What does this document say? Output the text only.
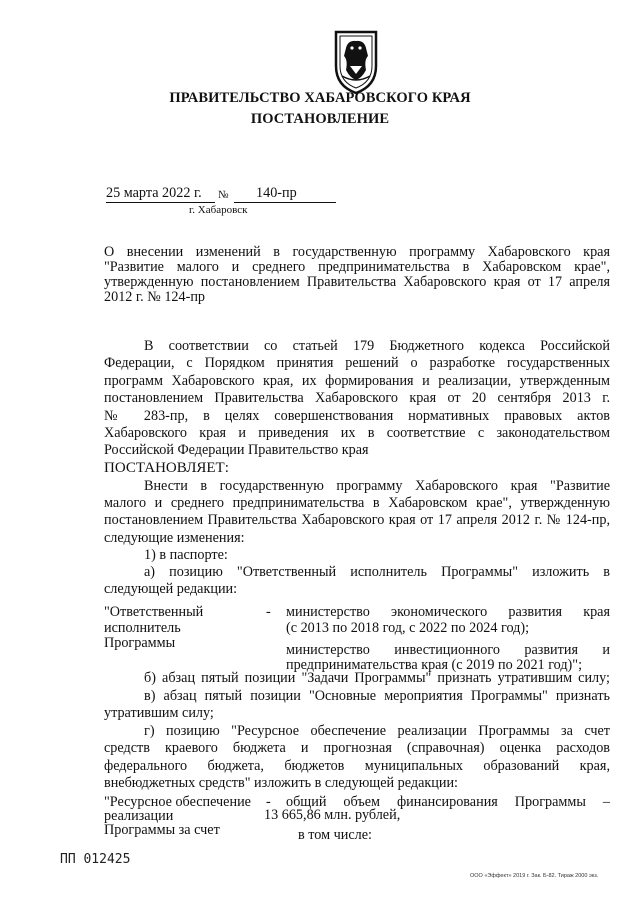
ПРАВИТЕЛЬСТВО ХАБАРОВСКОГО КРАЯ
ПОСТАНОВЛЕНИЕ
25 марта 2022 г.	№	140-пр
г. Хабаровск
О внесении изменений в государственную программу Хабаровского края
"Развитие малого и среднего предпринимательства в Хабаровском крае",
утвержденную постановлением Правительства Хабаровского края от 17 апреля
2012 г. № 124-пр
В соответствии со статьей 179 Бюджетного кодекса Российской
Федерации, с Порядком принятия решений о разработке государственных
программ Хабаровского края, их формирования и реализации, утвержденным
постановлением Правительства Хабаровского края от 20 сентября 2013 г.
№ 283-пр, в целях совершенствования нормативных правовых актов
Хабаровского края и приведения их в соответствие с законодательством
Российской Федерации Правительство края
ПОСТАНОВЛЯЕТ:
Внести в государственную программу Хабаровского края "Развитие
малого и среднего предпринимательства в Хабаровском крае", утвержденную
постановлением Правительства Хабаровского края от 17 апреля 2012 г. № 124-пр,
следующие изменения:
1) в паспорте:
а) позицию "Ответственный исполнитель Программы" изложить в
следующей редакции:
"Ответственный
исполнитель
Программы
- министерство экономического развития края
(с 2013 по 2018 год, с 2022 по 2024 год);
министерство инвестиционного развития и
предпринимательства края (с 2019 по 2021 год)";
б) абзац пятый позиции "Задачи Программы" признать утратившим силу;
в) абзац пятый позиции "Основные мероприятия Программы" признать
утратившим силу;
г) позицию "Ресурсное обеспечение реализации Программы за счет
средств краевого бюджета и прогнозная (справочная) оценка расходов
федерального бюджета, бюджетов муниципальных образований края,
внебюджетных средств" изложить в следующей редакции:
"Ресурсное обеспечение
реализации
Программы за счет
- общий объем финансирования Программы –
13 665,86 млн. рублей,
в том числе:
ПП 012425
ООО «Эффект» 2019 г. Зак. Б-82. Тираж 2000 экз.
